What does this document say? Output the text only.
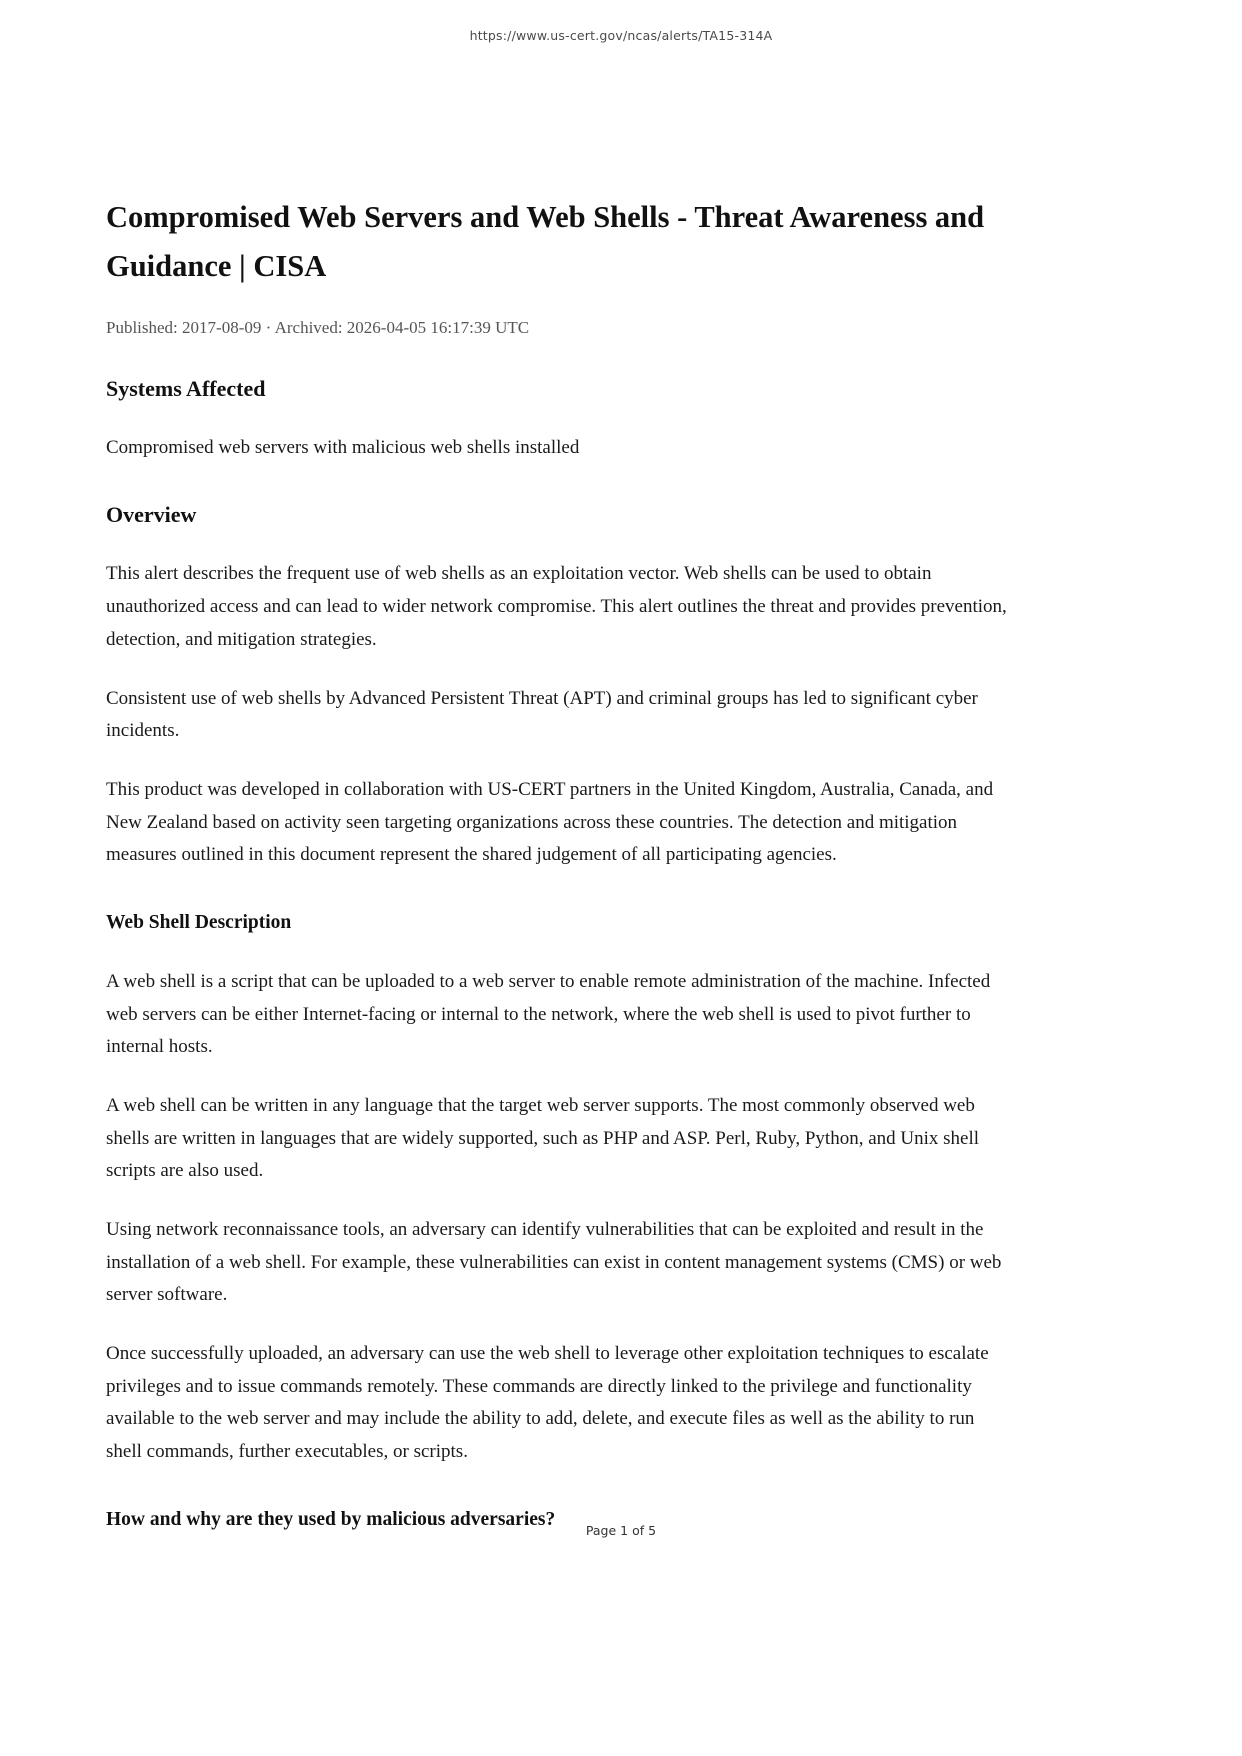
https://www.us-cert.gov/ncas/alerts/TA15-314A
Compromised Web Servers and Web Shells - Threat Awareness and Guidance | CISA

Published: 2017-08-09 · Archived: 2026-04-05 16:17:39 UTC

Systems Affected

Compromised web servers with malicious web shells installed

Overview

This alert describes the frequent use of web shells as an exploitation vector. Web shells can be used to obtain unauthorized access and can lead to wider network compromise. This alert outlines the threat and provides prevention, detection, and mitigation strategies.

Consistent use of web shells by Advanced Persistent Threat (APT) and criminal groups has led to significant cyber incidents.

This product was developed in collaboration with US-CERT partners in the United Kingdom, Australia, Canada, and New Zealand based on activity seen targeting organizations across these countries. The detection and mitigation measures outlined in this document represent the shared judgement of all participating agencies.

Web Shell Description

A web shell is a script that can be uploaded to a web server to enable remote administration of the machine. Infected web servers can be either Internet-facing or internal to the network, where the web shell is used to pivot further to internal hosts.

A web shell can be written in any language that the target web server supports. The most commonly observed web shells are written in languages that are widely supported, such as PHP and ASP. Perl, Ruby, Python, and Unix shell scripts are also used.

Using network reconnaissance tools, an adversary can identify vulnerabilities that can be exploited and result in the installation of a web shell. For example, these vulnerabilities can exist in content management systems (CMS) or web server software.

Once successfully uploaded, an adversary can use the web shell to leverage other exploitation techniques to escalate privileges and to issue commands remotely. These commands are directly linked to the privilege and functionality available to the web server and may include the ability to add, delete, and execute files as well as the ability to run shell commands, further executables, or scripts.

How and why are they used by malicious adversaries?
Page 1 of 5
